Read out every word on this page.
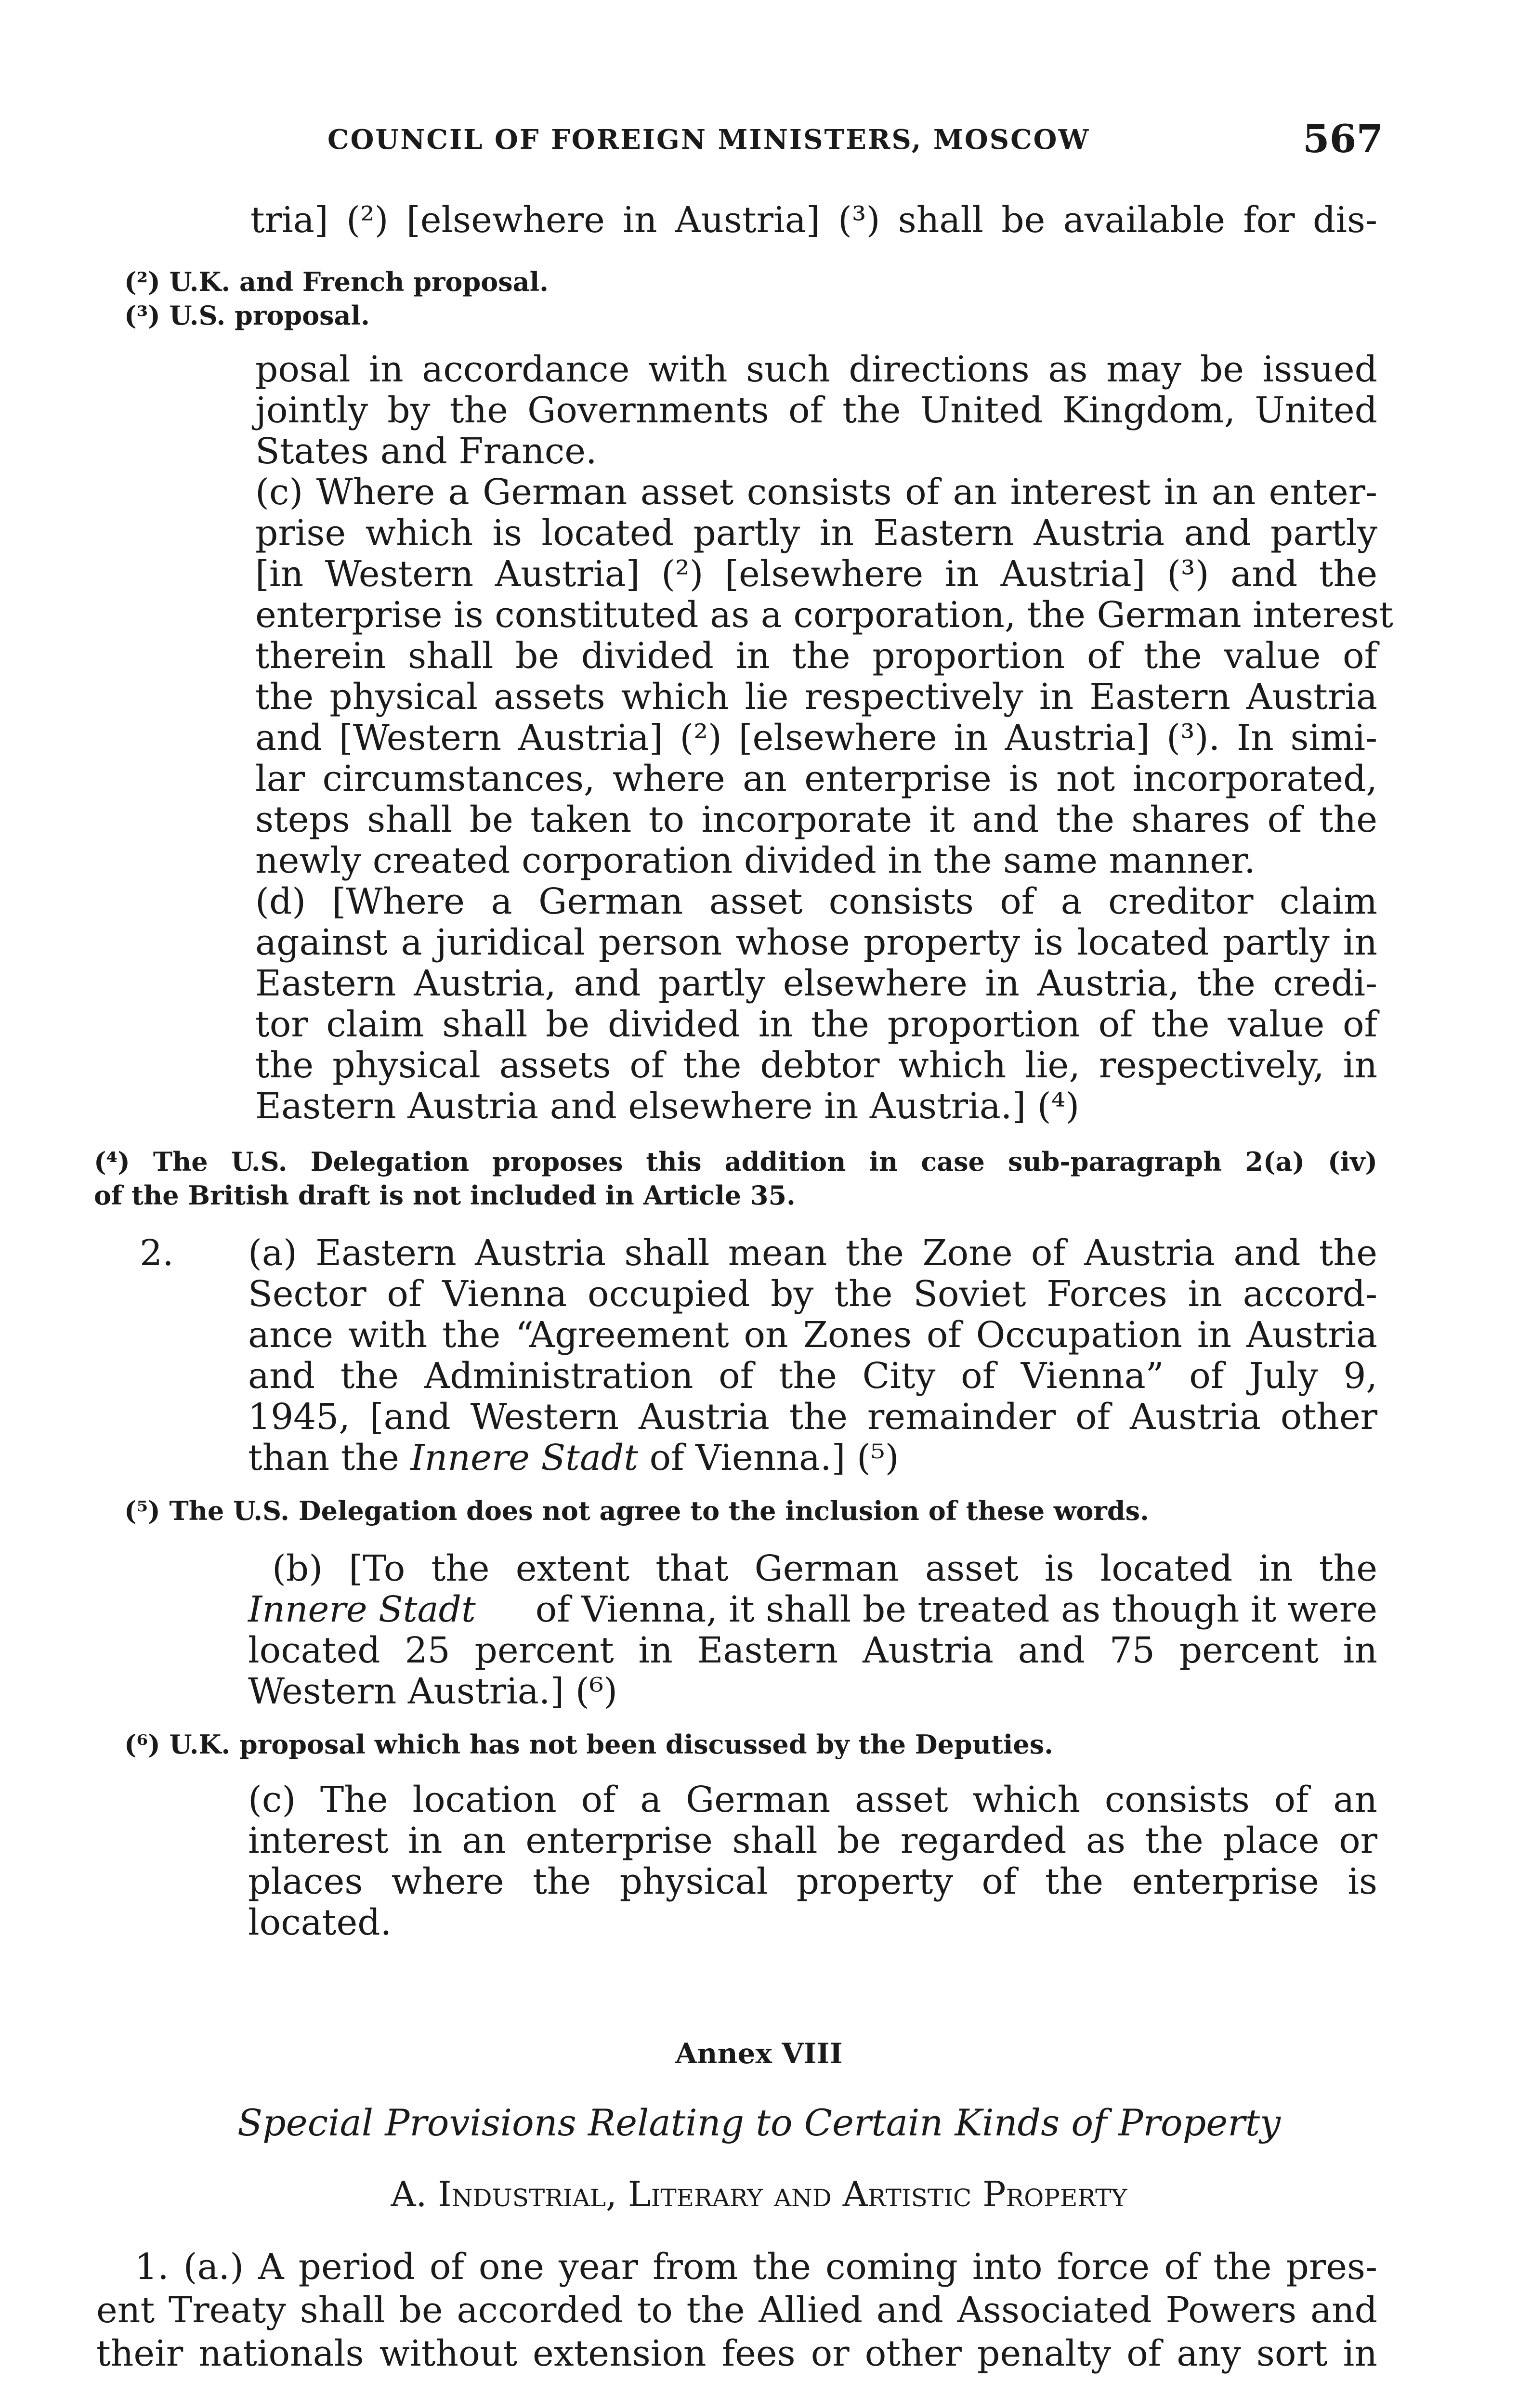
COUNCIL OF FOREIGN MINISTERS, MOSCOW	567
tria] (²) [elsewhere in Austria] (³) shall be available for dis-
(²) U.K. and French proposal.
(³) U.S. proposal.
posal in accordance with such directions as may be issued
jointly by the Governments of the United Kingdom, United
States and France.
(c) Where a German asset consists of an interest in an enter-
prise which is located partly in Eastern Austria and partly
[in Western Austria] (²) [elsewhere in Austria] (³) and the
enterprise is constituted as a corporation, the German interest
therein shall be divided in the proportion of the value of
the physical assets which lie respectively in Eastern Austria
and [Western Austria] (²) [elsewhere in Austria] (³). In simi-
lar circumstances, where an enterprise is not incorporated,
steps shall be taken to incorporate it and the shares of the
newly created corporation divided in the same manner.
(d) [Where a German asset consists of a creditor claim
against a juridical person whose property is located partly in
Eastern Austria, and partly elsewhere in Austria, the credi-
tor claim shall be divided in the proportion of the value of
the physical assets of the debtor which lie, respectively, in
Eastern Austria and elsewhere in Austria.] (⁴)
(⁴) The U.S. Delegation proposes this addition in case sub-paragraph 2(a) (iv)
of the British draft is not included in Article 35.
2. (a) Eastern Austria shall mean the Zone of Austria and the
Sector of Vienna occupied by the Soviet Forces in accord-
ance with the “Agreement on Zones of Occupation in Austria
and the Administration of the City of Vienna” of July 9,
1945, [and Western Austria the remainder of Austria other
than the Innere Stadt of Vienna.] (⁵)
(⁵) The U.S. Delegation does not agree to the inclusion of these words.
(b) [To the extent that German asset is located in the
Innere Stadt of Vienna, it shall be treated as though it were
located 25 percent in Eastern Austria and 75 percent in
Western Austria.] (⁶)
(⁶) U.K. proposal which has not been discussed by the Deputies.
(c) The location of a German asset which consists of an
interest in an enterprise shall be regarded as the place or
places where the physical property of the enterprise is
located.
Annex VIII
Special Provisions Relating to Certain Kinds of Property
A. Industrial, Literary and Artistic Property
1. (a.) A period of one year from the coming into force of the pres-
ent Treaty shall be accorded to the Allied and Associated Powers and
their nationals without extension fees or other penalty of any sort in
